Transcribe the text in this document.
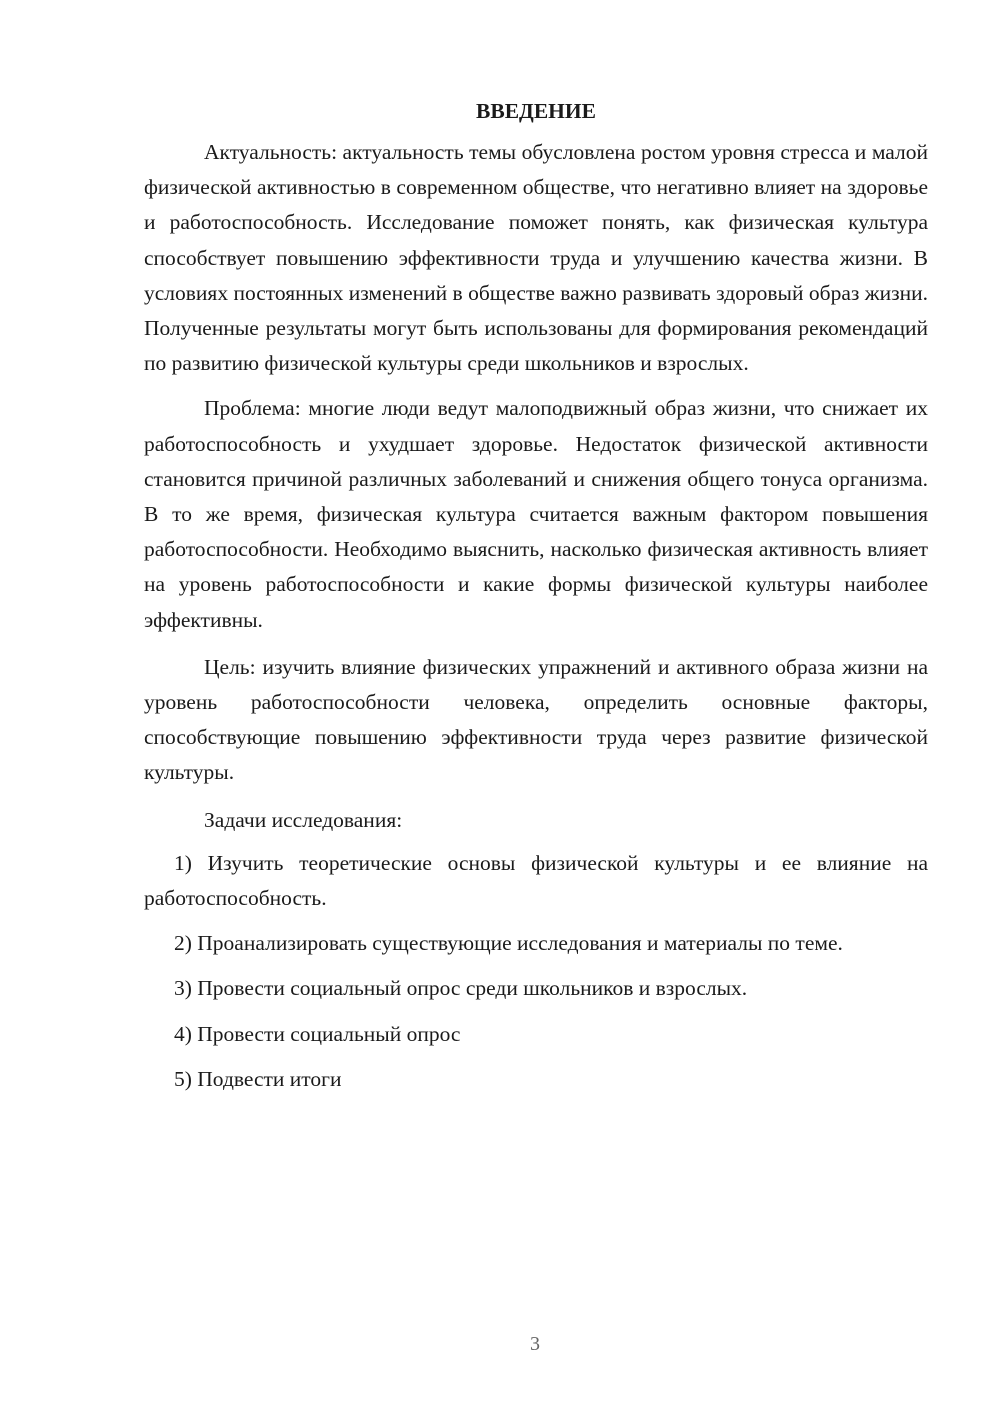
ВВЕДЕНИЕ

Актуальность: актуальность темы обусловлена ростом уровня стресса и малой физической активностью в современном обществе, что негативно влияет на здоровье и работоспособность. Исследование поможет понять, как физическая культура способствует повышению эффективности труда и улучшению качества жизни. В условиях постоянных изменений в обществе важно развивать здоровый образ жизни. Полученные результаты могут быть использованы для формирования рекомендаций по развитию физической культуры среди школьников и взрослых.

Проблема: многие люди ведут малоподвижный образ жизни, что снижает их работоспособность и ухудшает здоровье. Недостаток физической активности становится причиной различных заболеваний и снижения общего тонуса организма. В то же время, физическая культура считается важным фактором повышения работоспособности. Необходимо выяснить, насколько физическая активность влияет на уровень работоспособности и какие формы физической культуры наиболее эффективны.

Цель: изучить влияние физических упражнений и активного образа жизни на уровень работоспособности человека, определить основные факторы, способствующие повышению эффективности труда через развитие физической культуры.

Задачи исследования:

1) Изучить теоретические основы физической культуры и ее влияние на работоспособность.

2) Проанализировать существующие исследования и материалы по теме.

3) Провести социальный опрос среди школьников и взрослых.

4) Провести социальный опрос

5) Подвести итоги

3
